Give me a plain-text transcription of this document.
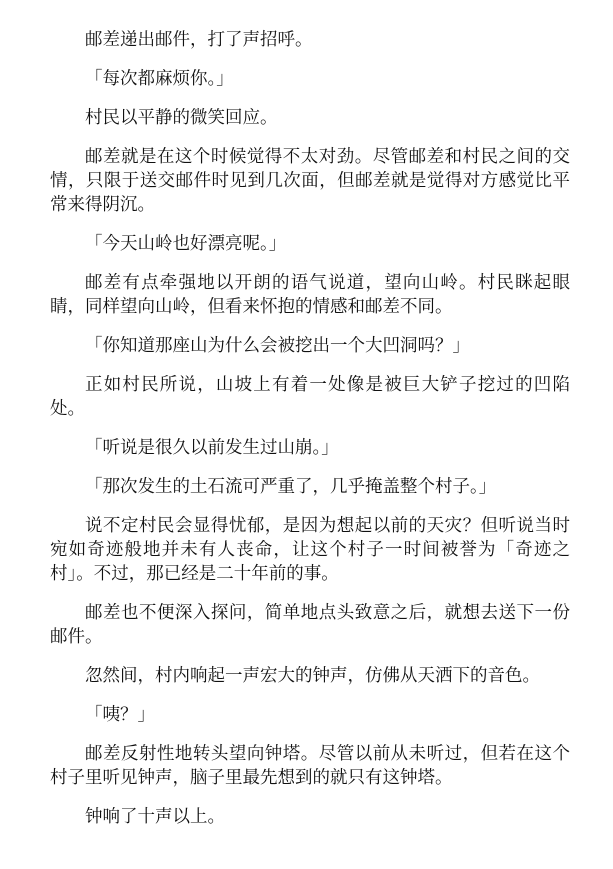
邮差递出邮件，打了声招呼。

「每次都麻烦你。」

村民以平静的微笑回应。

邮差就是在这个时候觉得不太对劲。尽管邮差和村民之间的交情，只限于送交邮件时见到几次面，但邮差就是觉得对方感觉比平常来得阴沉。

「今天山岭也好漂亮呢。」

邮差有点牵强地以开朗的语气说道，望向山岭。村民眯起眼睛，同样望向山岭，但看来怀抱的情感和邮差不同。

「你知道那座山为什么会被挖出一个大凹洞吗？」

正如村民所说，山坡上有着一处像是被巨大铲子挖过的凹陷处。

「听说是很久以前发生过山崩。」

「那次发生的土石流可严重了，几乎掩盖整个村子。」

说不定村民会显得忧郁，是因为想起以前的天灾？但听说当时宛如奇迹般地并未有人丧命，让这个村子一时间被誉为「奇迹之村」。不过，那已经是二十年前的事。

邮差也不便深入探问，简单地点头致意之后，就想去送下一份邮件。

忽然间，村内响起一声宏大的钟声，仿佛从天洒下的音色。

「咦？」

邮差反射性地转头望向钟塔。尽管以前从未听过，但若在这个村子里听见钟声，脑子里最先想到的就只有这钟塔。

钟响了十声以上。
